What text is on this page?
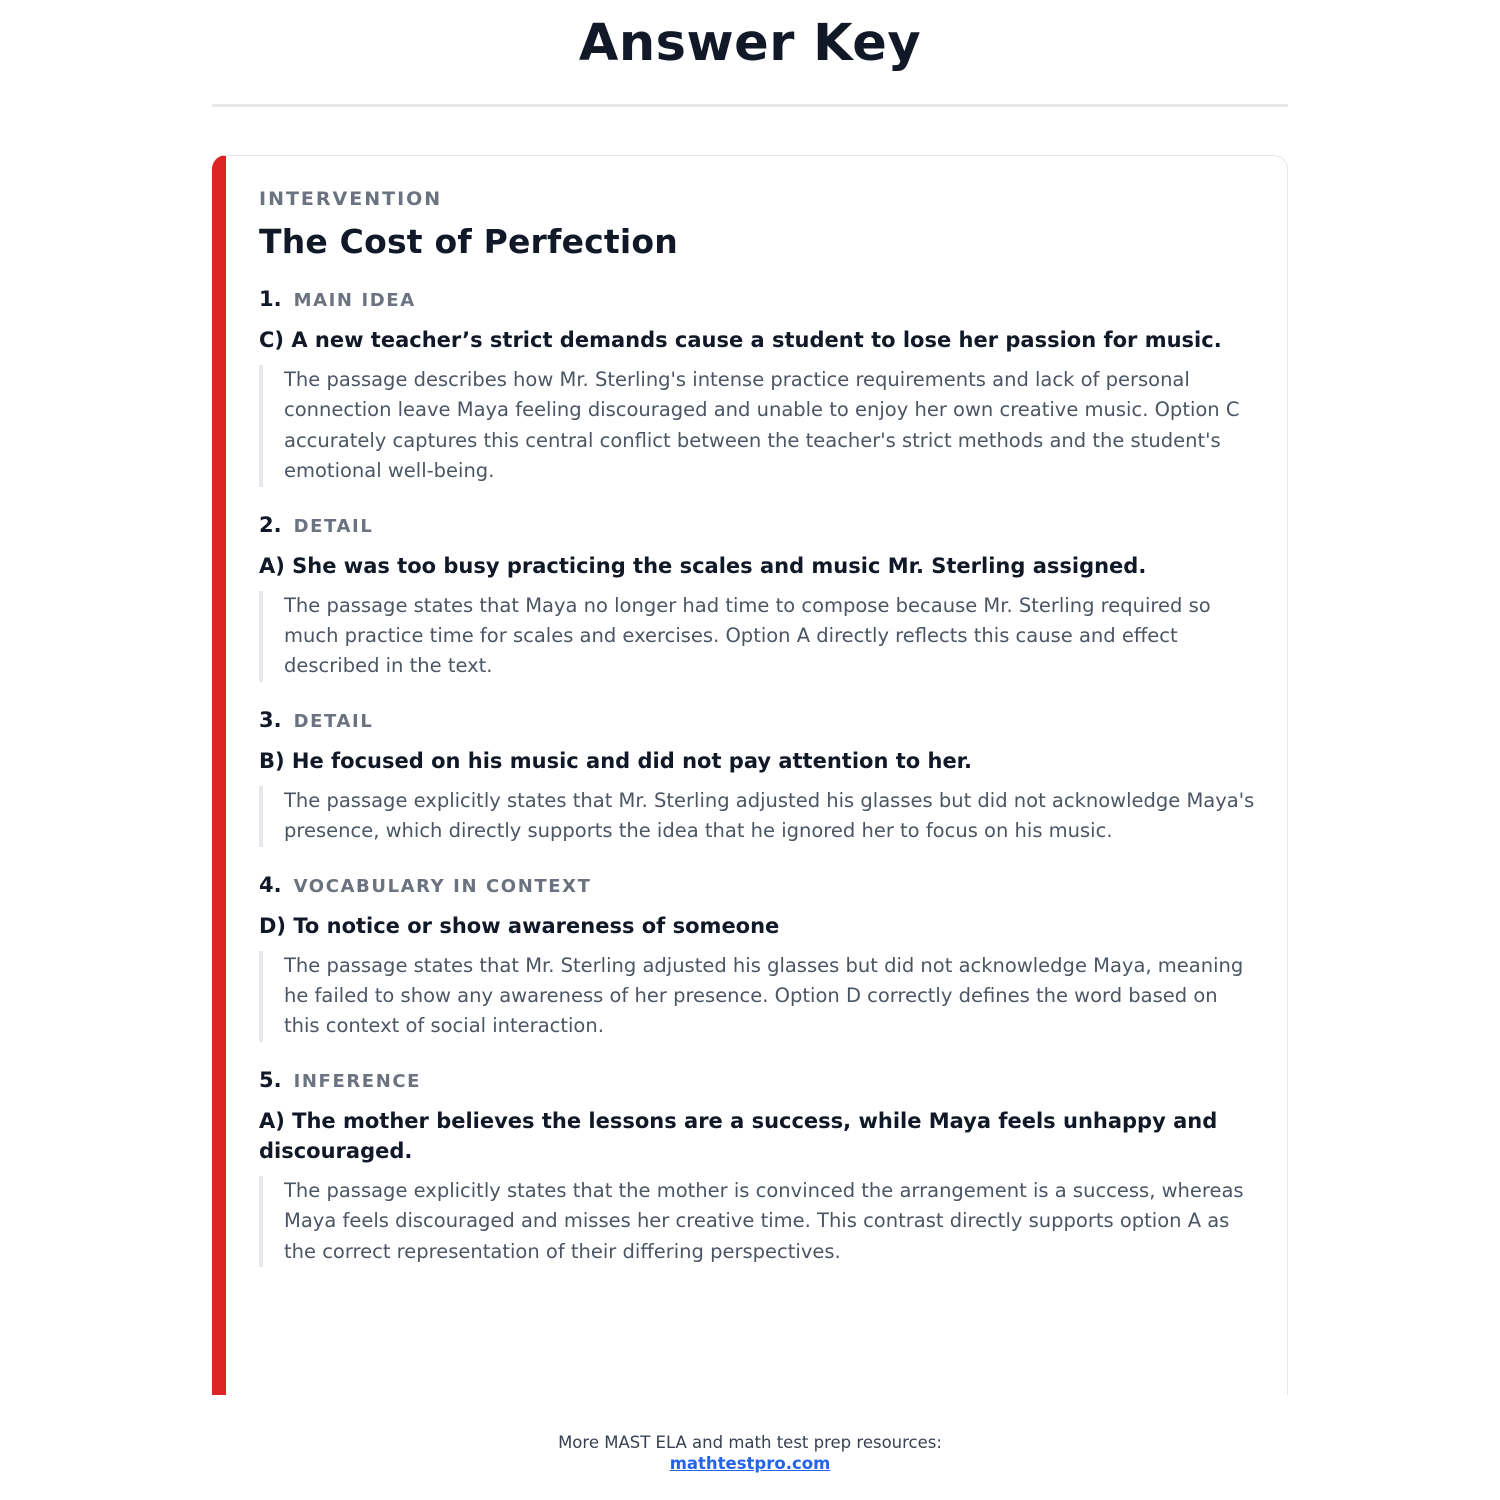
Answer Key
INTERVENTION
The Cost of Perfection
1. MAIN IDEA
C) A new teacher’s strict demands cause a student to lose her passion for music.
The passage describes how Mr. Sterling's intense practice requirements and lack of personal connection leave Maya feeling discouraged and unable to enjoy her own creative music. Option C accurately captures this central conflict between the teacher's strict methods and the student's emotional well-being.
2. DETAIL
A) She was too busy practicing the scales and music Mr. Sterling assigned.
The passage states that Maya no longer had time to compose because Mr. Sterling required so much practice time for scales and exercises. Option A directly reflects this cause and effect described in the text.
3. DETAIL
B) He focused on his music and did not pay attention to her.
The passage explicitly states that Mr. Sterling adjusted his glasses but did not acknowledge Maya's presence, which directly supports the idea that he ignored her to focus on his music.
4. VOCABULARY IN CONTEXT
D) To notice or show awareness of someone
The passage states that Mr. Sterling adjusted his glasses but did not acknowledge Maya, meaning he failed to show any awareness of her presence. Option D correctly defines the word based on this context of social interaction.
5. INFERENCE
A) The mother believes the lessons are a success, while Maya feels unhappy and discouraged.
The passage explicitly states that the mother is convinced the arrangement is a success, whereas Maya feels discouraged and misses her creative time. This contrast directly supports option A as the correct representation of their differing perspectives.
More MAST ELA and math test prep resources:
mathtestpro.com
